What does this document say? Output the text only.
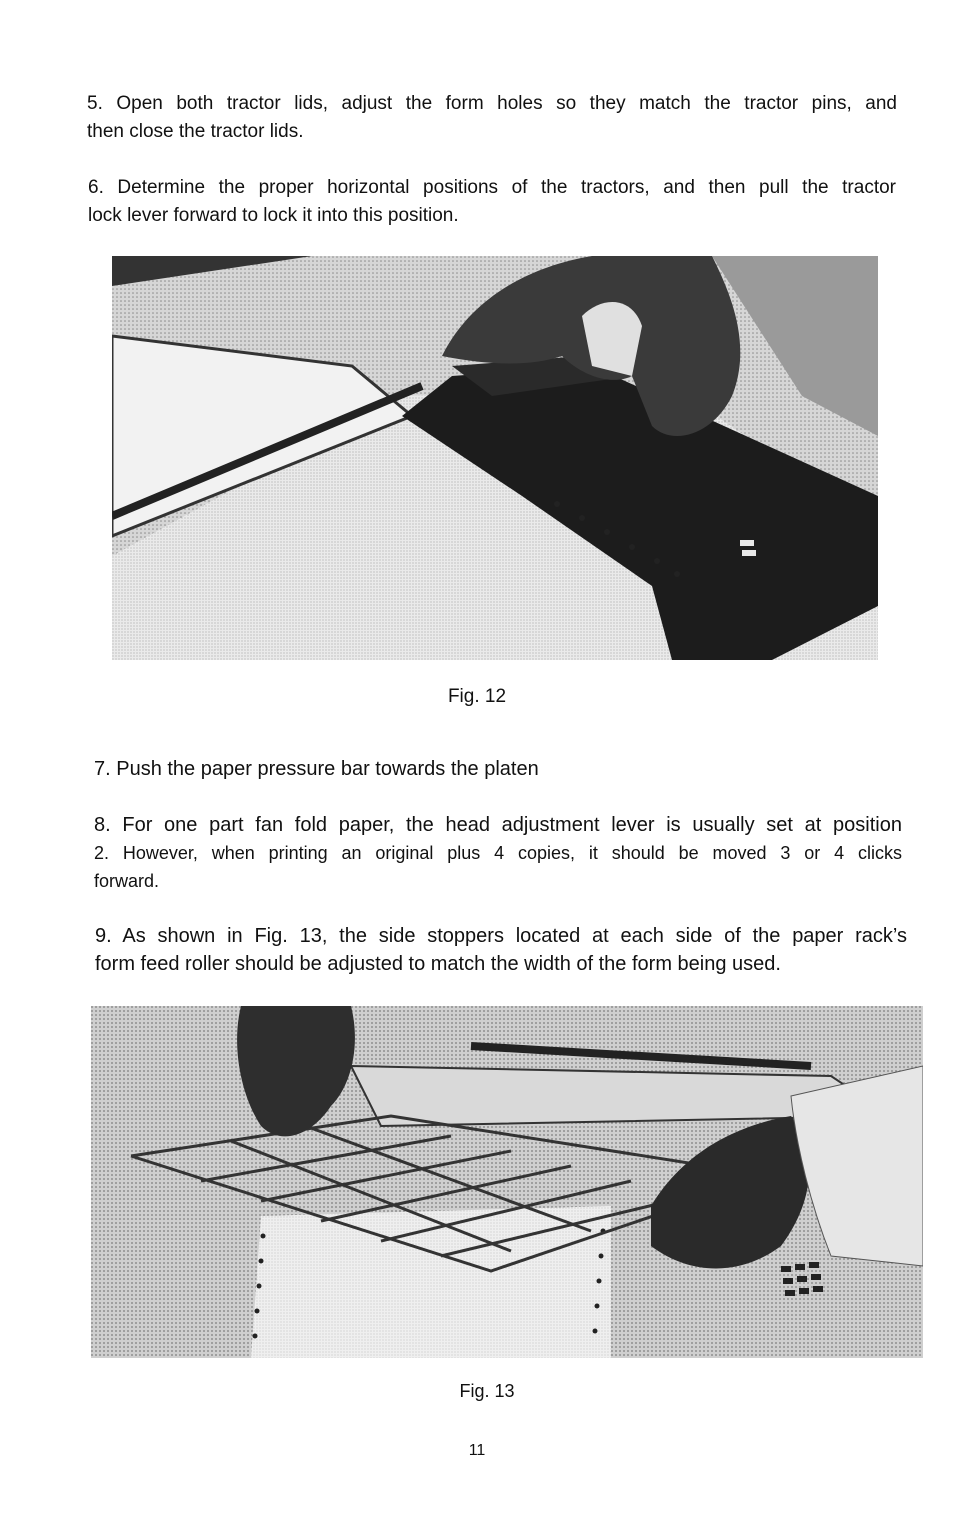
5. Open both tractor lids, adjust the form holes so they match the tractor pins, and
then close the tractor lids.
6. Determine the proper horizontal positions of the tractors, and then pull the tractor
lock lever forward to lock it into this position.
Fig. 12
7. Push the paper pressure bar towards the platen
8. For one part fan fold paper, the head adjustment lever is usually set at position
2. However, when printing an original plus 4 copies, it should be moved 3 or 4 clicks
forward.
9. As shown in Fig. 13, the side stoppers located at each side of the paper rack’s
form feed roller should be adjusted to match the width of the form being used.
Fig. 13
11
